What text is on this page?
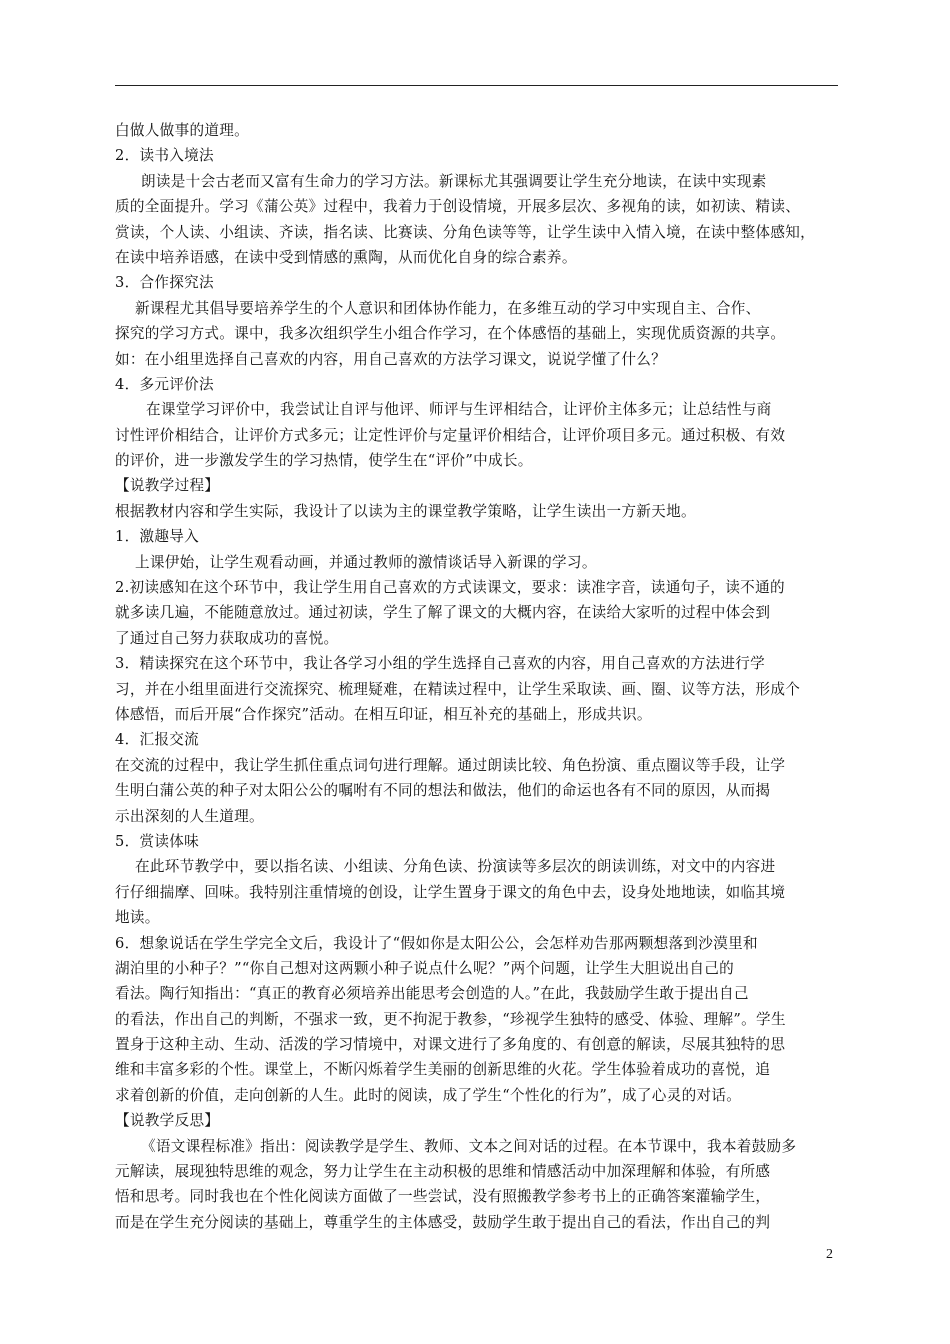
白做人做事的道理。
2．读书入境法
朗读是十会古老而又富有生命力的学习方法。新课标尤其强调要让学生充分地读，在读中实现素
质的全面提升。学习《蒲公英》过程中，我着力于创设情境，开展多层次、多视角的读，如初读、精读、
赏读，个人读、小组读、齐读，指名读、比赛读、分角色读等等，让学生读中入情入境，在读中整体感知，
在读中培养语感，在读中受到情感的熏陶，从而优化自身的综合素养。
3．合作探究法
新课程尤其倡导要培养学生的个人意识和团体协作能力，在多维互动的学习中实现自主、合作、
探究的学习方式。课中，我多次组织学生小组合作学习，在个体感悟的基础上，实现优质资源的共享。
如：在小组里选择自己喜欢的内容，用自己喜欢的方法学习课文，说说学懂了什么？
4．多元评价法
在课堂学习评价中，我尝试让自评与他评、师评与生评相结合，让评价主体多元；让总结性与商
讨性评价相结合，让评价方式多元；让定性评价与定量评价相结合，让评价项目多元。通过积极、有效
的评价，进一步激发学生的学习热情，使学生在“评价”中成长。
【说教学过程】
根据教材内容和学生实际，我设计了以读为主的课堂教学策略，让学生读出一方新天地。
1．激趣导入
上课伊始，让学生观看动画，并通过教师的激情谈话导入新课的学习。
2.初读感知在这个环节中，我让学生用自己喜欢的方式读课文，要求：读准字音，读通句子，读不通的
就多读几遍，不能随意放过。通过初读，学生了解了课文的大概内容，在读给大家听的过程中体会到
了通过自己努力获取成功的喜悦。
3．精读探究在这个环节中，我让各学习小组的学生选择自己喜欢的内容，用自己喜欢的方法进行学
习，并在小组里面进行交流探究、梳理疑难，在精读过程中，让学生采取读、画、圈、议等方法，形成个
体感悟，而后开展“合作探究”活动。在相互印证，相互补充的基础上，形成共识。
4．汇报交流
在交流的过程中，我让学生抓住重点词句进行理解。通过朗读比较、角色扮演、重点圈议等手段，让学
生明白蒲公英的种子对太阳公公的嘱咐有不同的想法和做法，他们的命运也各有不同的原因，从而揭
示出深刻的人生道理。
5．赏读体味
在此环节教学中，要以指名读、小组读、分角色读、扮演读等多层次的朗读训练，对文中的内容进
行仔细揣摩、回味。我特别注重情境的创设，让学生置身于课文的角色中去，设身处地地读，如临其境
地读。
6．想象说话在学生学完全文后，我设计了“假如你是太阳公公，会怎样劝告那两颗想落到沙漠里和
湖泊里的小种子？”“你自己想对这两颗小种子说点什么呢？”两个问题，让学生大胆说出自己的
看法。陶行知指出：“真正的教育必须培养出能思考会创造的人。”在此，我鼓励学生敢于提出自己
的看法，作出自己的判断，不强求一致，更不拘泥于教参，“珍视学生独特的感受、体验、理解”。学生
置身于这种主动、生动、活泼的学习情境中，对课文进行了多角度的、有创意的解读，尽展其独特的思
维和丰富多彩的个性。课堂上，不断闪烁着学生美丽的创新思维的火花。学生体验着成功的喜悦，追
求着创新的价值，走向创新的人生。此时的阅读，成了学生“个性化的行为”，成了心灵的对话。
【说教学反思】
《语文课程标准》指出：阅读教学是学生、教师、文本之间对话的过程。在本节课中，我本着鼓励多
元解读，展现独特思维的观念，努力让学生在主动积极的思维和情感活动中加深理解和体验，有所感
悟和思考。同时我也在个性化阅读方面做了一些尝试，没有照搬教学参考书上的正确答案灌输学生，
而是在学生充分阅读的基础上，尊重学生的主体感受，鼓励学生敢于提出自己的看法，作出自己的判
2
